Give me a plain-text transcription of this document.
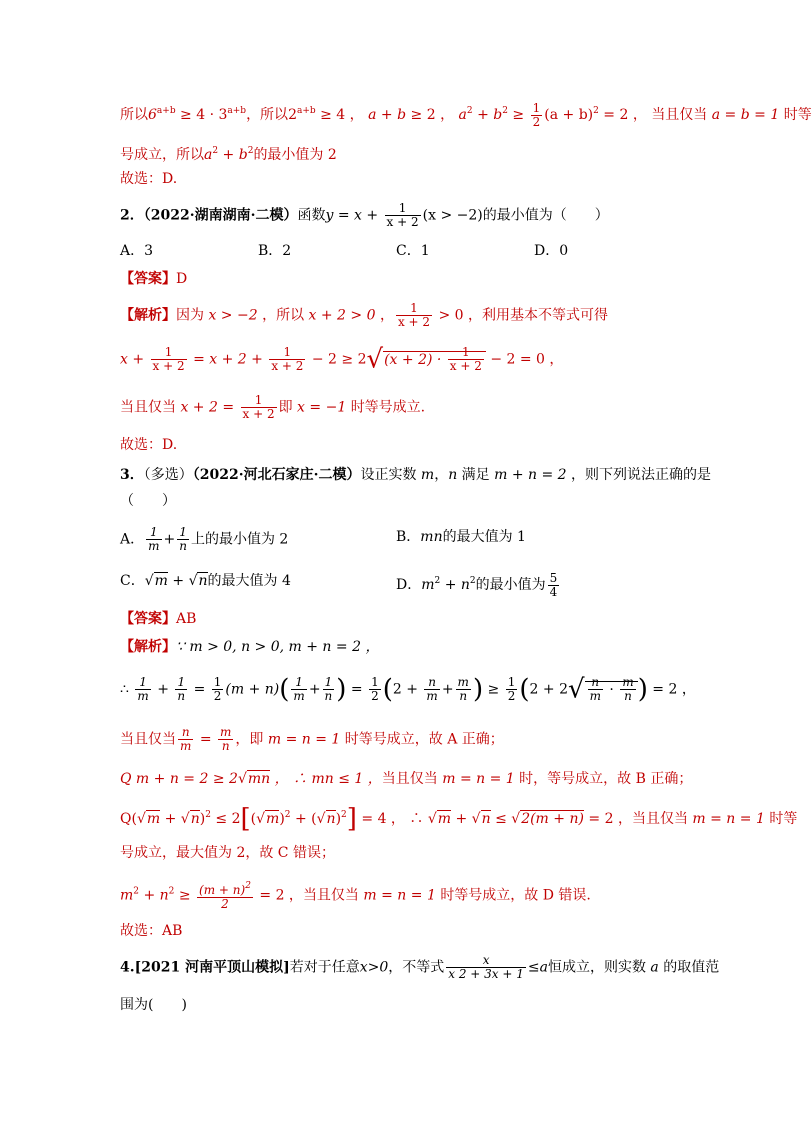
所以$6^{a+b} \ge 4 \cdot 3^{a+b}$，所以$2^{a+b} \ge 4$ ， a + b ≥ 2 ， $a^2 + b^2 \ge \frac{1}{2} (a + b)^2 = 2$ ， 当且仅当 a = b = 1 时等
号成立，所以$a^2 + b^2$的最小值为 2
故选：D.
2．（2022·湖南湖南·二模）函数$y = x + \frac{1}{x + 2} (x > -2)$的最小值为（　　）
A．3	B．2	C．1	D．0
【答案】D
【解析】因为 x > −2 ，所以 x + 2 > 0 ， $\frac{1}{x + 2} > 0$ ，利用基本不等式可得
$x + \frac{1}{x + 2} = x + 2 + \frac{1}{x + 2} - 2 \ge 2√(x + 2) \cdot \frac{1}{x + 2} - 2 = 0$ ，
当且仅当 $x + 2 = \frac{1}{x + 2}$ 即 x = −1 时等号成立.
故选：D.
3．（多选）（2022·河北石家庄·二模）设正实数 m，n 满足 m + n = 2 ，则下列说法正确的是
（　　）
A． $\frac{1}{m} + \frac{1}{n}$ 上的最小值为 2	B．mn的最大值为 1
C．√m + √n的最大值为 4	D．$m^2 + n^2$的最小值为 $\frac{5}{4}$
【答案】AB
【解析】∵ m > 0, n > 0, m + n = 2 ，
∴ $\frac{1}{m} + \frac{1}{n} = \frac{1}{2} (m + n)( \frac{1}{m} + \frac{1}{n}$ ) = $\frac{1}{2} (2 + \frac{n}{m} + \frac{m}{n}$ ) ≥ $\frac{1}{2} (2 + 2√ \frac{n}{m} \cdot \frac{m}{n}$ ) = 2 ，
当且仅当 $\frac{n}{m} = \frac{m}{n}$ ，即 m = n = 1 时等号成立，故 A 正确；
Q m + n = 2 ≥ 2√mn ， ∴ mn ≤ 1 ，当且仅当 m = n = 1 时，等号成立，故 B 正确；
$Q(√m + √n)^2 \le 2[(√m)^2 + (√n)^2] = 4$ ， ∴ √m + √n ≤ √2(m + n) = 2 ，当且仅当 m = n = 1 时等
号成立，最大值为 2，故 C 错误；
$m^2 + n^2 \ge \frac{(m + n)^2}{2} = 2$ ，当且仅当 m = n = 1 时等号成立，故 D 错误.
故选：AB
4.[2021 河南平顶山模拟]若对于任意x>0，不等式 $\frac{x}{x 2 + 3x + 1} \le a$恒成立，则实数 a 的取值范
围为(　　)
